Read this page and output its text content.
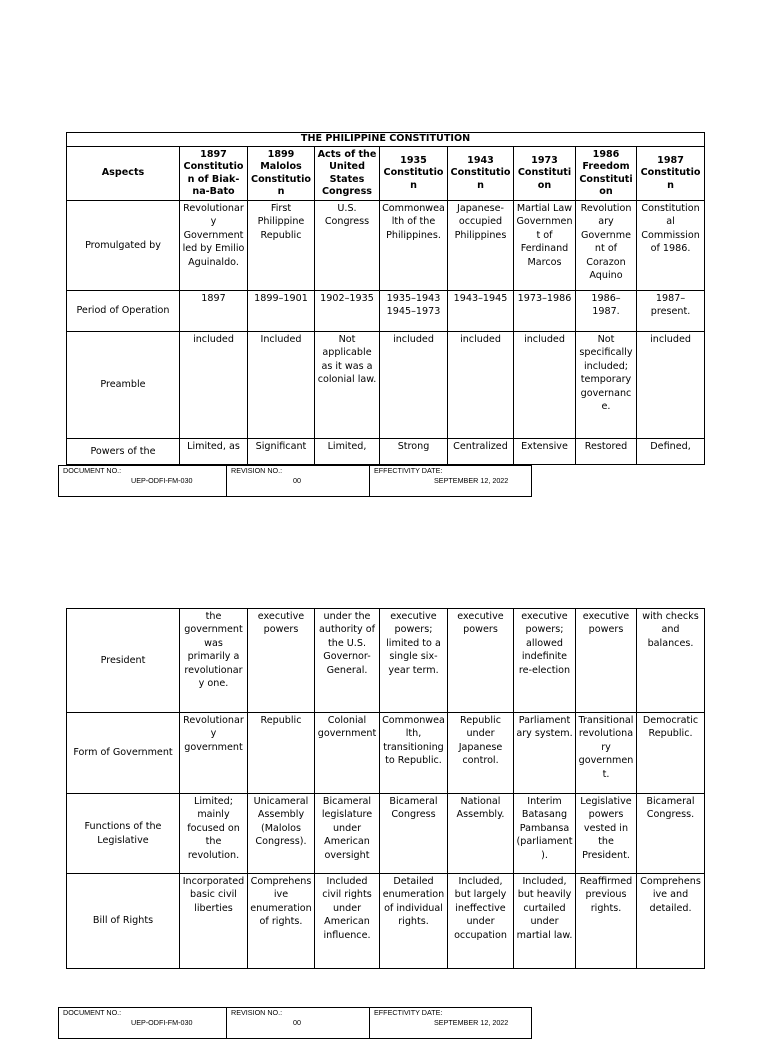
THE PHILIPPINE CONSTITUTION								
Aspects	1897 Constitution of Biak-na-Bato	1899 Malolos Constitution	Acts of the United States Congress	1935 Constitution	1943 Constitution	1973 Constitution	1986 Freedom Constitution	1987 Constitution
Promulgated by	Revolutionary Government led by Emilio Aguinaldo.	First Philippine Republic	U.S. Congress	Commonwealth of the Philippines.	Japanese-occupied Philippines	Martial Law Government of Ferdinand Marcos	Revolutionary Government of Corazon Aquino	Constitutional Commission of 1986.
Period of Operation	1897	1899–1901	1902–1935	1935–1943 1945–1973	1943–1945	1973–1986	1986–1987.	1987–present.
Preamble	included	Included	Not applicable as it was a colonial law.	included	included	included	Not specifically included; temporary governance.	included
Powers of the	Limited, as	Significant	Limited,	Strong	Centralized	Extensive	Restored	Defined,
DOCUMENT NO.:
UEP-ODFI-FM-030

REVISION NO.:
00

EFFECTIVITY DATE:
SEPTEMBER 12, 2022
President	the government was primarily a revolutionary one.	executive powers	under the authority of the U.S. Governor-General.	executive powers; limited to a single six-year term.	executive powers	executive powers; allowed indefinite re-election	executive powers	with checks and balances.
Form of Government	Revolutionary government	Republic	Colonial government	Commonwealth, transitioning to Republic.	Republic under Japanese control.	Parliamentary system.	Transitional revolutionary government.	Democratic Republic.
Functions of the Legislative	Limited; mainly focused on the revolution.	Unicameral Assembly (Malolos Congress).	Bicameral legislature under American oversight	Bicameral Congress	National Assembly.	Interim Batasang Pambansa (parliament).	Legislative powers vested in the President.	Bicameral Congress.
Bill of Rights	Incorporated basic civil liberties	Comprehensive enumeration of rights.	Included civil rights under American influence.	Detailed enumeration of individual rights.	Included, but largely ineffective under occupation	Included, but heavily curtailed under martial law.	Reaffirmed previous rights.	Comprehensive and detailed.
DOCUMENT NO.:
UEP-ODFI-FM-030

REVISION NO.:
00

EFFECTIVITY DATE:
SEPTEMBER 12, 2022
